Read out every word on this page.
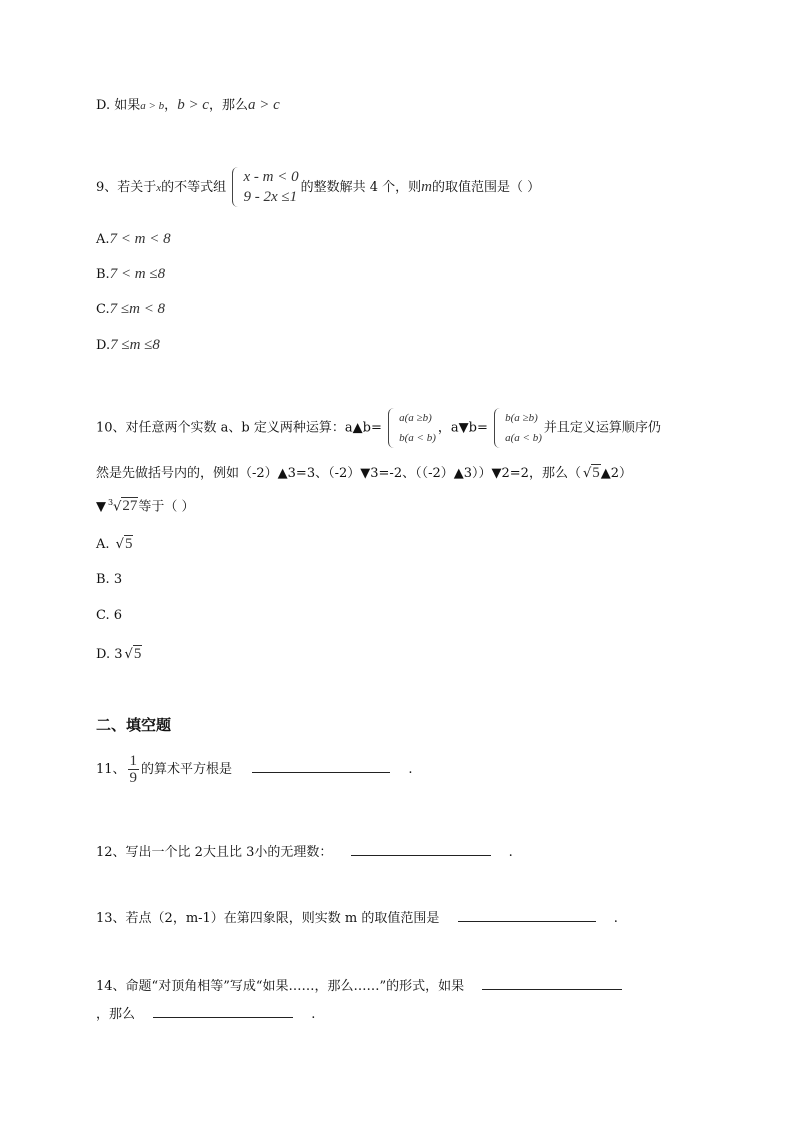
D. 如果a > b，b > c，那么a > c
9、若关于x的不等式组
x - m < 0
9 - 2x ≤1
的整数解共 4 个，则m的取值范围是（ ）
A.7 < m < 8
B.7 < m ≤8
C.7 ≤m < 8
D.7 ≤m ≤8
10、对任意两个实数 a、b 定义两种运算：a▲b=
a(a ≥b)
b(a < b)
，a▼b=
b(a ≥b)
a(a < b)
并且定义运算顺序仍
然是先做括号内的，例如（-2）▲3=3、（-2）▼3=-2、（（-2）▲3））▼2=2，那么（ √5▲2）
▼ $^3$√27等于（ ）
A. √5
B. 3
C. 6
D. 3 √5
二、填空题
11、 $\frac{1}{9}$ 的算术平方根是	.
12、写出一个比 2大且比 3小的无理数：	.
13、若点（2，m-1）在第四象限，则实数 m 的取值范围是	.
14、命题“对顶角相等”写成“如果……，那么……”的形式，如果
，那么	.
